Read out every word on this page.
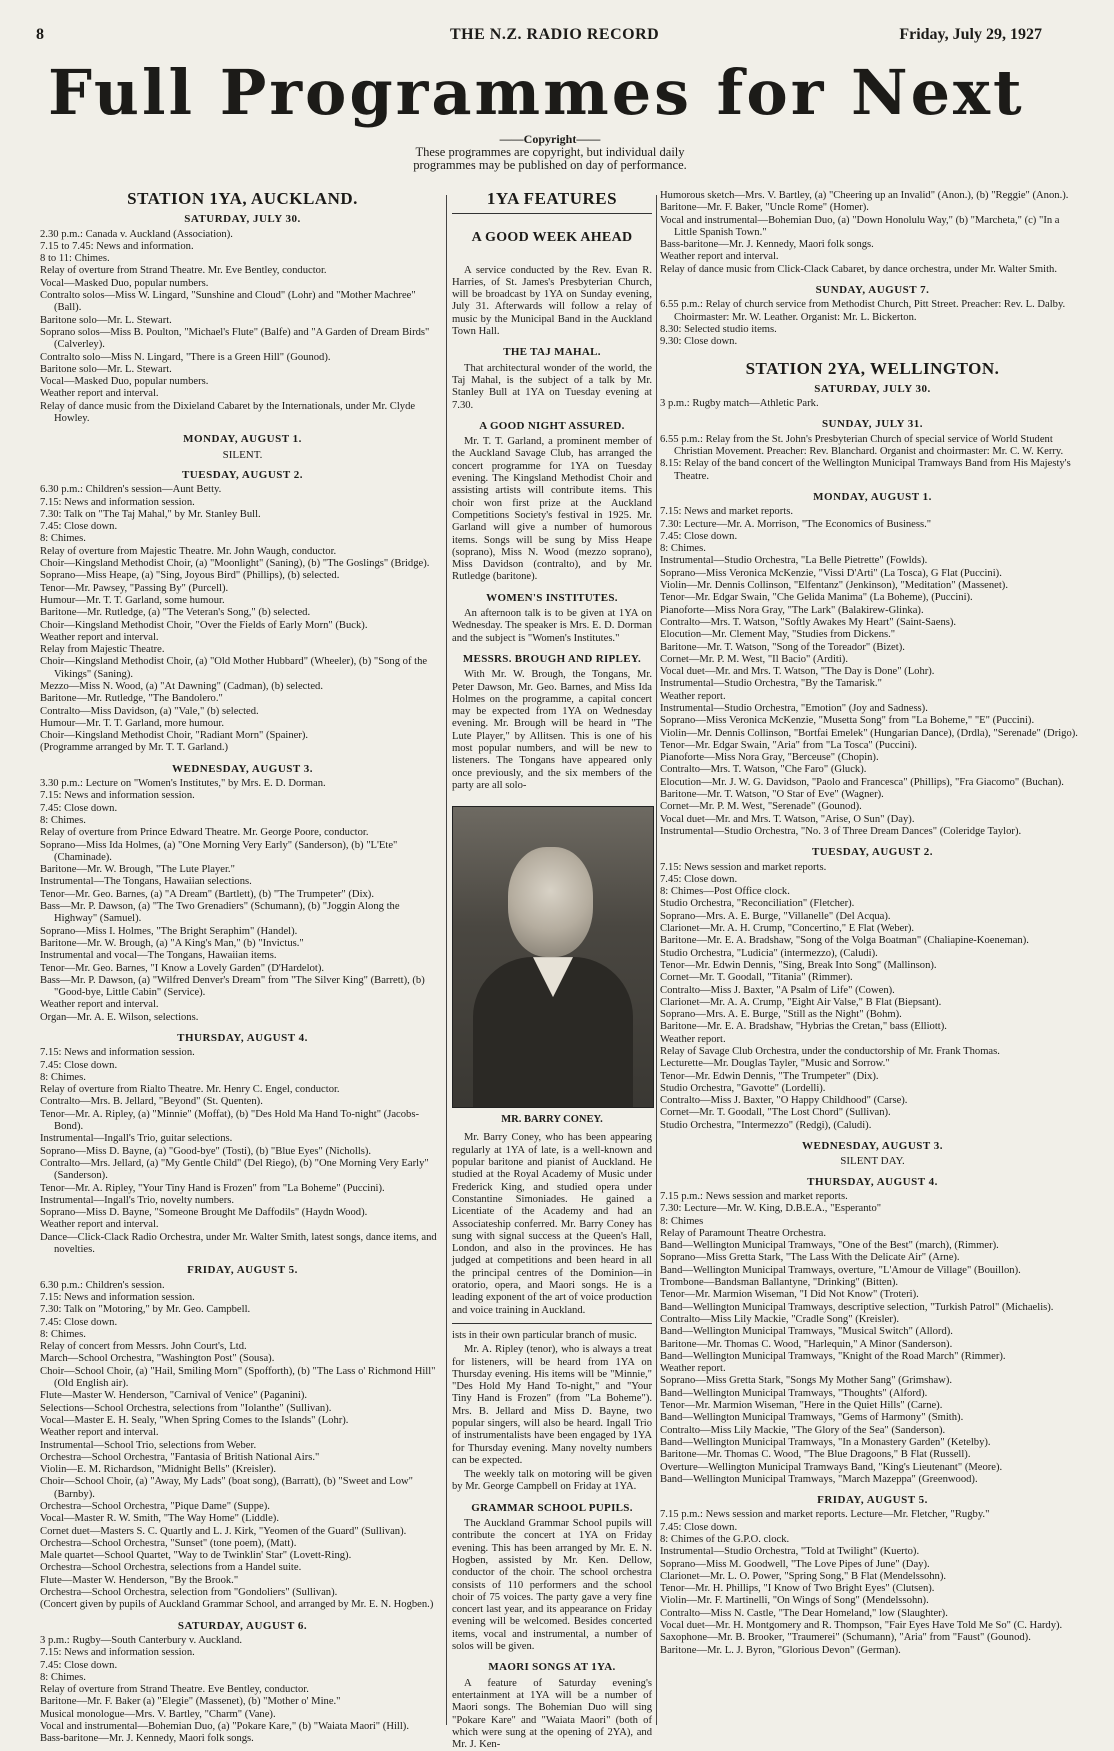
8	THE N.Z. RADIO RECORD	Friday, July 29, 1927
Full Programmes for Next
——Copyright——
These programmes are copyright, but individual daily
programmes may be published on day of performance.
STATION 1YA, AUCKLAND.
SATURDAY, JULY 30.

2.30 p.m.: Canada v. Auckland (Association).

7.15 to 7.45: News and information.

8 to 11: Chimes.

Relay of overture from Strand Theatre. Mr. Eve Bentley, conductor.

Vocal—Masked Duo, popular numbers.

Contralto solos—Miss W. Lingard, "Sunshine and Cloud" (Lohr) and "Mother Machree" (Ball).

Baritone solo—Mr. L. Stewart.

Soprano solos—Miss B. Poulton, "Michael's Flute" (Balfe) and "A Garden of Dream Birds" (Calverley).

Contralto solo—Miss N. Lingard, "There is a Green Hill" (Gounod).

Baritone solo—Mr. L. Stewart.

Vocal—Masked Duo, popular numbers.

Weather report and interval.

Relay of dance music from the Dixieland Cabaret by the Internationals, under Mr. Clyde Howley.

MONDAY, AUGUST 1.
SILENT.
TUESDAY, AUGUST 2.

6.30 p.m.: Children's session—Aunt Betty.

7.15: News and information session.

7.30: Talk on "The Taj Mahal," by Mr. Stanley Bull.

7.45: Close down.

8: Chimes.

Relay of overture from Majestic Theatre. Mr. John Waugh, conductor.

Choir—Kingsland Methodist Choir, (a) "Moonlight" (Saning), (b) "The Goslings" (Bridge).

Soprano—Miss Heape, (a) "Sing, Joyous Bird" (Phillips), (b) selected.

Tenor—Mr. Pawsey, "Passing By" (Purcell).

Humour—Mr. T. T. Garland, some humour.

Baritone—Mr. Rutledge, (a) "The Veteran's Song," (b) selected.

Choir—Kingsland Methodist Choir, "Over the Fields of Early Morn" (Buck).

Weather report and interval.

Relay from Majestic Theatre.

Choir—Kingsland Methodist Choir, (a) "Old Mother Hubbard" (Wheeler), (b) "Song of the Vikings" (Saning).

Mezzo—Miss N. Wood, (a) "At Dawning" (Cadman), (b) selected.

Baritone—Mr. Rutledge, "The Bandolero."

Contralto—Miss Davidson, (a) "Vale," (b) selected.

Humour—Mr. T. T. Garland, more humour.

Choir—Kingsland Methodist Choir, "Radiant Morn" (Spainer).

(Programme arranged by Mr. T. T. Garland.)

WEDNESDAY, AUGUST 3.

3.30 p.m.: Lecture on "Women's Institutes," by Mrs. E. D. Dorman.

7.15: News and information session.

7.45: Close down.

8: Chimes.

Relay of overture from Prince Edward Theatre. Mr. George Poore, conductor.

Soprano—Miss Ida Holmes, (a) "One Morning Very Early" (Sanderson), (b) "L'Ete" (Chaminade).

Baritone—Mr. W. Brough, "The Lute Player."

Instrumental—The Tongans, Hawaiian selections.

Tenor—Mr. Geo. Barnes, (a) "A Dream" (Bartlett), (b) "The Trumpeter" (Dix).

Bass—Mr. P. Dawson, (a) "The Two Grenadiers" (Schumann), (b) "Joggin Along the Highway" (Samuel).

Soprano—Miss I. Holmes, "The Bright Seraphim" (Handel).

Baritone—Mr. W. Brough, (a) "A King's Man," (b) "Invictus."

Instrumental and vocal—The Tongans, Hawaiian items.

Tenor—Mr. Geo. Barnes, "I Know a Lovely Garden" (D'Hardelot).

Bass—Mr. P. Dawson, (a) "Wilfred Denver's Dream" from "The Silver King" (Barrett), (b) "Good-bye, Little Cabin" (Service).

Weather report and interval.

Organ—Mr. A. E. Wilson, selections.

THURSDAY, AUGUST 4.

7.15: News and information session.

7.45: Close down.

8: Chimes.

Relay of overture from Rialto Theatre. Mr. Henry C. Engel, conductor.

Contralto—Mrs. B. Jellard, "Beyond" (St. Quenten).

Tenor—Mr. A. Ripley, (a) "Minnie" (Moffat), (b) "Des Hold Ma Hand To-night" (Jacobs-Bond).

Instrumental—Ingall's Trio, guitar selections.

Soprano—Miss D. Bayne, (a) "Good-bye" (Tosti), (b) "Blue Eyes" (Nicholls).

Contralto—Mrs. Jellard, (a) "My Gentle Child" (Del Riego), (b) "One Morning Very Early" (Sanderson).

Tenor—Mr. A. Ripley, "Your Tiny Hand is Frozen" from "La Boheme" (Puccini).

Instrumental—Ingall's Trio, novelty numbers.

Soprano—Miss D. Bayne, "Someone Brought Me Daffodils" (Haydn Wood).

Weather report and interval.

Dance—Click-Clack Radio Orchestra, under Mr. Walter Smith, latest songs, dance items, and novelties.

FRIDAY, AUGUST 5.

6.30 p.m.: Children's session.

7.15: News and information session.

7.30: Talk on "Motoring," by Mr. Geo. Campbell.

7.45: Close down.

8: Chimes.

Relay of concert from Messrs. John Court's, Ltd.

March—School Orchestra, "Washington Post" (Sousa).

Choir—School Choir, (a) "Hail, Smiling Morn" (Spofforth), (b) "The Lass o' Richmond Hill" (Old English air).

Flute—Master W. Henderson, "Carnival of Venice" (Paganini).

Selections—School Orchestra, selections from "Iolanthe" (Sullivan).

Vocal—Master E. H. Sealy, "When Spring Comes to the Islands" (Lohr).

Weather report and interval.

Instrumental—School Trio, selections from Weber.

Orchestra—School Orchestra, "Fantasia of British National Airs."

Violin—E. M. Richardson, "Midnight Bells" (Kreisler).

Choir—School Choir, (a) "Away, My Lads" (boat song), (Barratt), (b) "Sweet and Low" (Barnby).

Orchestra—School Orchestra, "Pique Dame" (Suppe).

Vocal—Master R. W. Smith, "The Way Home" (Liddle).

Cornet duet—Masters S. C. Quartly and L. J. Kirk, "Yeomen of the Guard" (Sullivan).

Orchestra—School Orchestra, "Sunset" (tone poem), (Matt).

Male quartet—School Quartet, "Way to de Twinklin' Star" (Lovett-Ring).

Orchestra—School Orchestra, selections from a Handel suite.

Flute—Master W. Henderson, "By the Brook."

Orchestra—School Orchestra, selection from "Gondoliers" (Sullivan).

(Concert given by pupils of Auckland Grammar School, and arranged by Mr. E. N. Hogben.)

SATURDAY, AUGUST 6.

3 p.m.: Rugby—South Canterbury v. Auckland.

7.15: News and information session.

7.45: Close down.

8: Chimes.

Relay of overture from Strand Theatre. Eve Bentley, conductor.

Baritone—Mr. F. Baker (a) "Elegie" (Massenet), (b) "Mother o' Mine."

Musical monologue—Mrs. V. Bartley, "Charm" (Vane).

Vocal and instrumental—Bohemian Duo, (a) "Pokare Kare," (b) "Waiata Maori" (Hill).

Bass-baritone—Mr. J. Kennedy, Maori folk songs.

1YA FEATURES
A GOOD WEEK AHEAD

A service conducted by the Rev. Evan R. Harries, of St. James's Presbyterian Church, will be broadcast by 1YA on Sunday evening, July 31. Afterwards will follow a relay of music by the Municipal Band in the Auckland Town Hall.

THE TAJ MAHAL.

That architectural wonder of the world, the Taj Mahal, is the subject of a talk by Mr. Stanley Bull at 1YA on Tuesday evening at 7.30.

A GOOD NIGHT ASSURED.

Mr. T. T. Garland, a prominent member of the Auckland Savage Club, has arranged the concert programme for 1YA on Tuesday evening. The Kingsland Methodist Choir and assisting artists will contribute items. This choir won first prize at the Auckland Competitions Society's festival in 1925. Mr. Garland will give a number of humorous items. Songs will be sung by Miss Heape (soprano), Miss N. Wood (mezzo soprano), Miss Davidson (contralto), and by Mr. Rutledge (baritone).

WOMEN'S INSTITUTES.

An afternoon talk is to be given at 1YA on Wednesday. The speaker is Mrs. E. D. Dorman and the subject is "Women's Institutes."

MESSRS. BROUGH AND RIPLEY.

With Mr. W. Brough, the Tongans, Mr. Peter Dawson, Mr. Geo. Barnes, and Miss Ida Holmes on the programme, a capital concert may be expected from 1YA on Wednesday evening. Mr. Brough will be heard in "The Lute Player," by Allitsen. This is one of his most popular numbers, and will be new to listeners. The Tongans have appeared only once previously, and the six members of the party are all solo-

MR. BARRY CONEY.

Mr. Barry Coney, who has been appearing regularly at 1YA of late, is a well-known and popular baritone and pianist of Auckland. He studied at the Royal Academy of Music under Frederick King, and studied opera under Constantine Simoniades. He gained a Licentiate of the Academy and had an Associateship conferred. Mr. Barry Coney has sung with signal success at the Queen's Hall, London, and also in the provinces. He has judged at competitions and been heard in all the principal centres of the Dominion—in oratorio, opera, and Maori songs. He is a leading exponent of the art of voice production and voice training in Auckland.

ists in their own particular branch of music.

Mr. A. Ripley (tenor), who is always a treat for listeners, will be heard from 1YA on Thursday evening. His items will be "Minnie," "Des Hold My Hand To-night," and "Your Tiny Hand is Frozen" (from "La Boheme"). Mrs. B. Jellard and Miss D. Bayne, two popular singers, will also be heard. Ingall Trio of instrumentalists have been engaged by 1YA for Thursday evening. Many novelty numbers can be expected.

The weekly talk on motoring will be given by Mr. George Campbell on Friday at 1YA.

GRAMMAR SCHOOL PUPILS.

The Auckland Grammar School pupils will contribute the concert at 1YA on Friday evening. This has been arranged by Mr. E. N. Hogben, assisted by Mr. Ken. Dellow, conductor of the choir. The school orchestra consists of 110 performers and the school choir of 75 voices. The party gave a very fine concert last year, and its appearance on Friday evening will be welcomed. Besides concerted items, vocal and instrumental, a number of solos will be given.

MAORI SONGS AT 1YA.

A feature of Saturday evening's entertainment at 1YA will be a number of Maori songs. The Bohemian Duo will sing "Pokare Kare" and "Waiata Maori" (both of which were sung at the opening of 2YA), and Mr. J. Ken-

Humorous sketch—Mrs. V. Bartley, (a) "Cheering up an Invalid" (Anon.), (b) "Reggie" (Anon.).

Baritone—Mr. F. Baker, "Uncle Rome" (Homer).

Vocal and instrumental—Bohemian Duo, (a) "Down Honolulu Way," (b) "Marcheta," (c) "In a Little Spanish Town."

Bass-baritone—Mr. J. Kennedy, Maori folk songs.

Weather report and interval.

Relay of dance music from Click-Clack Cabaret, by dance orchestra, under Mr. Walter Smith.

SUNDAY, AUGUST 7.

6.55 p.m.: Relay of church service from Methodist Church, Pitt Street. Preacher: Rev. L. Dalby. Choirmaster: Mr. W. Leather. Organist: Mr. L. Bickerton.

8.30: Selected studio items.

9.30: Close down.

STATION 2YA, WELLINGTON.
SATURDAY, JULY 30.

3 p.m.: Rugby match—Athletic Park.

SUNDAY, JULY 31.

6.55 p.m.: Relay from the St. John's Presbyterian Church of special service of World Student Christian Movement. Preacher: Rev. Blanchard. Organist and choirmaster: Mr. C. W. Kerry.

8.15: Relay of the band concert of the Wellington Municipal Tramways Band from His Majesty's Theatre.

MONDAY, AUGUST 1.

7.15: News and market reports.

7.30: Lecture—Mr. A. Morrison, "The Economics of Business."

7.45: Close down.

8: Chimes.

Instrumental—Studio Orchestra, "La Belle Pietrette" (Fowlds).

Soprano—Miss Veronica McKenzie, "Vissi D'Arti" (La Tosca), G Flat (Puccini).

Violin—Mr. Dennis Collinson, "Elfentanz" (Jenkinson), "Meditation" (Massenet).

Tenor—Mr. Edgar Swain, "Che Gelida Manima" (La Boheme), (Puccini).

Pianoforte—Miss Nora Gray, "The Lark" (Balakirew-Glinka).

Contralto—Mrs. T. Watson, "Softly Awakes My Heart" (Saint-Saens).

Elocution—Mr. Clement May, "Studies from Dickens."

Baritone—Mr. T. Watson, "Song of the Toreador" (Bizet).

Cornet—Mr. P. M. West, "Il Bacio" (Arditi).

Vocal duet—Mr. and Mrs. T. Watson, "The Day is Done" (Lohr).

Instrumental—Studio Orchestra, "By the Tamarisk."

Weather report.

Instrumental—Studio Orchestra, "Emotion" (Joy and Sadness).

Soprano—Miss Veronica McKenzie, "Musetta Song" from "La Boheme," "E" (Puccini).

Violin—Mr. Dennis Collinson, "Bortfai Emelek" (Hungarian Dance), (Drdla), "Serenade" (Drigo).

Tenor—Mr. Edgar Swain, "Aria" from "La Tosca" (Puccini).

Pianoforte—Miss Nora Gray, "Berceuse" (Chopin).

Contralto—Mrs. T. Watson, "Che Faro" (Gluck).

Elocution—Mr. J. W. G. Davidson, "Paolo and Francesca" (Phillips), "Fra Giacomo" (Buchan).

Baritone—Mr. T. Watson, "O Star of Eve" (Wagner).

Cornet—Mr. P. M. West, "Serenade" (Gounod).

Vocal duet—Mr. and Mrs. T. Watson, "Arise, O Sun" (Day).

Instrumental—Studio Orchestra, "No. 3 of Three Dream Dances" (Coleridge Taylor).

TUESDAY, AUGUST 2.

7.15: News session and market reports.

7.45: Close down.

8: Chimes—Post Office clock.

Studio Orchestra, "Reconciliation" (Fletcher).

Soprano—Mrs. A. E. Burge, "Villanelle" (Del Acqua).

Clarionet—Mr. A. H. Crump, "Concertino," E Flat (Weber).

Baritone—Mr. E. A. Bradshaw, "Song of the Volga Boatman" (Chaliapine-Koeneman).

Studio Orchestra, "Ludicia" (intermezzo), (Caludi).

Tenor—Mr. Edwin Dennis, "Sing, Break Into Song" (Mallinson).

Cornet—Mr. T. Goodall, "Titania" (Rimmer).

Contralto—Miss J. Baxter, "A Psalm of Life" (Cowen).

Clarionet—Mr. A. A. Crump, "Eight Air Valse," B Flat (Biepsant).

Soprano—Mrs. A. E. Burge, "Still as the Night" (Bohm).

Baritone—Mr. E. A. Bradshaw, "Hybrias the Cretan," bass (Elliott).

Weather report.

Relay of Savage Club Orchestra, under the conductorship of Mr. Frank Thomas.

Lecturette—Mr. Douglas Tayler, "Music and Sorrow."

Tenor—Mr. Edwin Dennis, "The Trumpeter" (Dix).

Studio Orchestra, "Gavotte" (Lordelli).

Contralto—Miss J. Baxter, "O Happy Childhood" (Carse).

Cornet—Mr. T. Goodall, "The Lost Chord" (Sullivan).

Studio Orchestra, "Intermezzo" (Redgi), (Caludi).

WEDNESDAY, AUGUST 3.
SILENT DAY.
THURSDAY, AUGUST 4.

7.15 p.m.: News session and market reports.

7.30: Lecture—Mr. W. King, D.B.E.A., "Esperanto"

8: Chimes

Relay of Paramount Theatre Orchestra.

Band—Wellington Municipal Tramways, "One of the Best" (march), (Rimmer).

Soprano—Miss Gretta Stark, "The Lass With the Delicate Air" (Arne).

Band—Wellington Municipal Tramways, overture, "L'Amour de Village" (Bouillon).

Trombone—Bandsman Ballantyne, "Drinking" (Bitten).

Tenor—Mr. Marmion Wiseman, "I Did Not Know" (Troteri).

Band—Wellington Municipal Tramways, descriptive selection, "Turkish Patrol" (Michaelis).

Contralto—Miss Lily Mackie, "Cradle Song" (Kreisler).

Band—Wellington Municipal Tramways, "Musical Switch" (Allord).

Baritone—Mr. Thomas C. Wood, "Harlequin," A Minor (Sanderson).

Band—Wellington Municipal Tramways, "Knight of the Road March" (Rimmer).

Weather report.

Soprano—Miss Gretta Stark, "Songs My Mother Sang" (Grimshaw).

Band—Wellington Municipal Tramways, "Thoughts" (Alford).

Tenor—Mr. Marmion Wiseman, "Here in the Quiet Hills" (Carne).

Band—Wellington Municipal Tramways, "Gems of Harmony" (Smith).

Contralto—Miss Lily Mackie, "The Glory of the Sea" (Sanderson).

Band—Wellington Municipal Tramways, "In a Monastery Garden" (Ketelby).

Baritone—Mr. Thomas C. Wood, "The Blue Dragoons," B Flat (Russell).

Overture—Wellington Municipal Tramways Band, "King's Lieutenant" (Meore).

Band—Wellington Municipal Tramways, "March Mazeppa" (Greenwood).

FRIDAY, AUGUST 5.

7.15 p.m.: News session and market reports. Lecture—Mr. Fletcher, "Rugby."

7.45: Close down.

8: Chimes of the G.P.O. clock.

Instrumental—Studio Orchestra, "Told at Twilight" (Kuerto).

Soprano—Miss M. Goodwell, "The Love Pipes of June" (Day).

Clarionet—Mr. L. O. Power, "Spring Song," B Flat (Mendelssohn).

Tenor—Mr. H. Phillips, "I Know of Two Bright Eyes" (Clutsen).

Violin—Mr. F. Martinelli, "On Wings of Song" (Mendelssohn).

Contralto—Miss N. Castle, "The Dear Homeland," low (Slaughter).

Vocal duet—Mr. H. Montgomery and R. Thompson, "Fair Eyes Have Told Me So" (C. Hardy).

Saxophone—Mr. B. Brooker, "Traumerei" (Schumann), "Aria" from "Faust" (Gounod).

Baritone—Mr. L. J. Byron, "Glorious Devon" (German).
